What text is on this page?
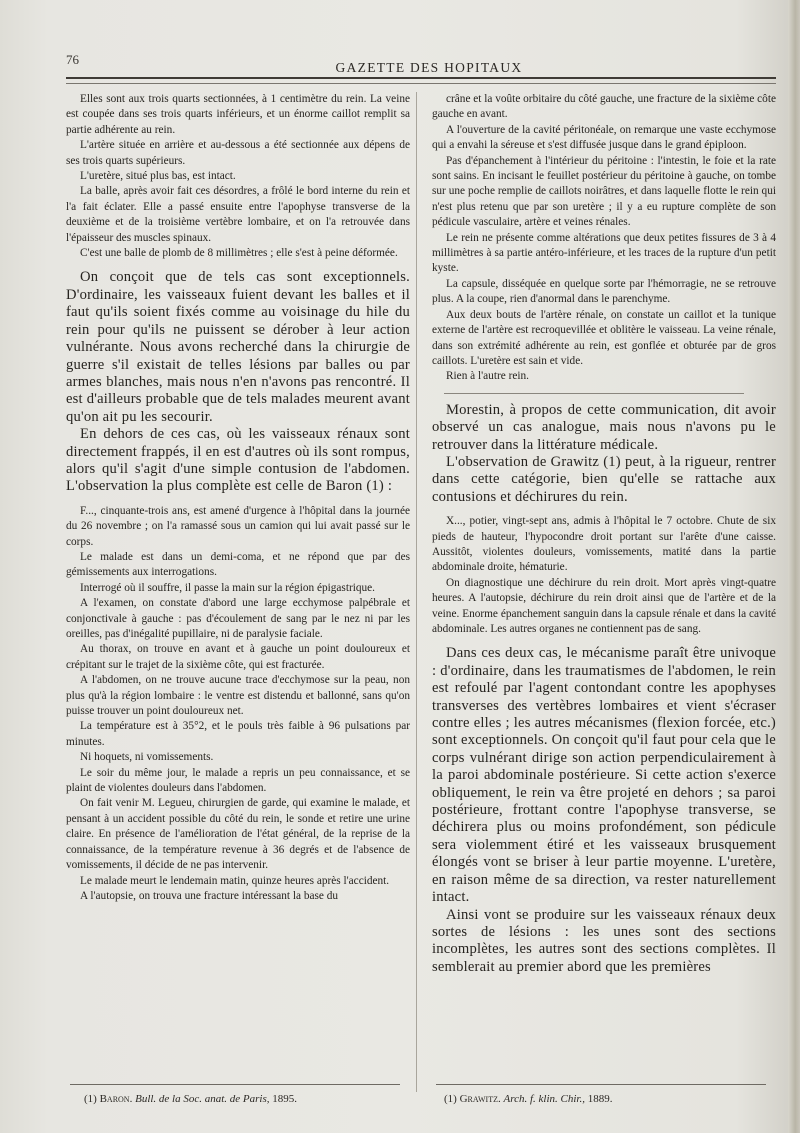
76
GAZETTE DES HOPITAUX

Elles sont aux trois quarts sectionnées, à 1 centimètre du rein. La veine est coupée dans ses trois quarts inférieurs, et un énorme caillot remplit sa partie adhérente au rein.

L'artère située en arrière et au-dessous a été sectionnée aux dépens de ses trois quarts supérieurs.

L'uretère, situé plus bas, est intact.

La balle, après avoir fait ces désordres, a frôlé le bord interne du rein et l'a fait éclater. Elle a passé ensuite entre l'apophyse transverse de la deuxième et de la troisième vertèbre lombaire, et on l'a retrouvée dans l'épaisseur des muscles spinaux.

C'est une balle de plomb de 8 millimètres ; elle s'est à peine déformée.

On conçoit que de tels cas sont exceptionnels. D'ordinaire, les vaisseaux fuient devant les balles et il faut qu'ils soient fixés comme au voisinage du hile du rein pour qu'ils ne puissent se dérober à leur action vulnérante. Nous avons recherché dans la chirurgie de guerre s'il existait de telles lésions par balles ou par armes blanches, mais nous n'en n'avons pas rencontré. Il est d'ailleurs probable que de tels malades meurent avant qu'on ait pu les secourir.

En dehors de ces cas, où les vaisseaux rénaux sont directement frappés, il en est d'autres où ils sont rompus, alors qu'il s'agit d'une simple contusion de l'abdomen. L'observation la plus complète est celle de Baron (1) :

F..., cinquante-trois ans, est amené d'urgence à l'hôpital dans la journée du 26 novembre ; on l'a ramassé sous un camion qui lui avait passé sur le corps.

Le malade est dans un demi-coma, et ne répond que par des gémissements aux interrogations.

Interrogé où il souffre, il passe la main sur la région épigastrique.

A l'examen, on constate d'abord une large ecchymose palpébrale et conjonctivale à gauche : pas d'écoulement de sang par le nez ni par les oreilles, pas d'inégalité pupillaire, ni de paralysie faciale.

Au thorax, on trouve en avant et à gauche un point douloureux et crépitant sur le trajet de la sixième côte, qui est fracturée.

A l'abdomen, on ne trouve aucune trace d'ecchymose sur la peau, non plus qu'à la région lombaire : le ventre est distendu et ballonné, sans qu'on puisse trouver un point douloureux net.

La température est à 35°2, et le pouls très faible à 96 pulsations par minutes.

Ni hoquets, ni vomissements.

Le soir du même jour, le malade a repris un peu connaissance, et se plaint de violentes douleurs dans l'abdomen.

On fait venir M. Legueu, chirurgien de garde, qui examine le malade, et pensant à un accident possible du côté du rein, le sonde et retire une urine claire. En présence de l'amélioration de l'état général, de la reprise de la connaissance, de la température revenue à 36 degrés et de l'absence de vomissements, il décide de ne pas intervenir.

Le malade meurt le lendemain matin, quinze heures après l'accident.

A l'autopsie, on trouva une fracture intéressant la base du

crâne et la voûte orbitaire du côté gauche, une fracture de la sixième côte gauche en avant.

A l'ouverture de la cavité péritonéale, on remarque une vaste ecchymose qui a envahi la séreuse et s'est diffusée jusque dans le grand épiploon.

Pas d'épanchement à l'intérieur du péritoine : l'intestin, le foie et la rate sont sains. En incisant le feuillet postérieur du péritoine à gauche, on tombe sur une poche remplie de caillots noirâtres, et dans laquelle flotte le rein qui n'est plus retenu que par son uretère ; il y a eu rupture complète de son pédicule vasculaire, artère et veines rénales.

Le rein ne présente comme altérations que deux petites fissures de 3 à 4 millimètres à sa partie antéro-inférieure, et les traces de la rupture d'un petit kyste.

La capsule, disséquée en quelque sorte par l'hémorragie, ne se retrouve plus. A la coupe, rien d'anormal dans le parenchyme.

Aux deux bouts de l'artère rénale, on constate un caillot et la tunique externe de l'artère est recroquevillée et oblitère le vaisseau. La veine rénale, dans son extrémité adhérente au rein, est gonflée et obturée par de gros caillots. L'uretère est sain et vide.

Rien à l'autre rein.

Morestin, à propos de cette communication, dit avoir observé un cas analogue, mais nous n'avons pu le retrouver dans la littérature médicale.

L'observation de Grawitz (1) peut, à la rigueur, rentrer dans cette catégorie, bien qu'elle se rattache aux contusions et déchirures du rein.

X..., potier, vingt-sept ans, admis à l'hôpital le 7 octobre. Chute de six pieds de hauteur, l'hypocondre droit portant sur l'arête d'une caisse. Aussitôt, violentes douleurs, vomissements, matité dans la partie abdominale droite, hématurie.

On diagnostique une déchirure du rein droit. Mort après vingt-quatre heures. A l'autopsie, déchirure du rein droit ainsi que de l'artère et de la veine. Enorme épanchement sanguin dans la capsule rénale et dans la cavité abdominale. Les autres organes ne contiennent pas de sang.

Dans ces deux cas, le mécanisme paraît être univoque : d'ordinaire, dans les traumatismes de l'abdomen, le rein est refoulé par l'agent contondant contre les apophyses transverses des vertèbres lombaires et vient s'écraser contre elles ; les autres mécanismes (flexion forcée, etc.) sont exceptionnels. On conçoit qu'il faut pour cela que le corps vulnérant dirige son action perpendiculairement à la paroi abdominale postérieure. Si cette action s'exerce obliquement, le rein va être projeté en dehors ; sa paroi postérieure, frottant contre l'apophyse transverse, se déchirera plus ou moins profondément, son pédicule sera violemment étiré et les vaisseaux brusquement élongés vont se briser à leur partie moyenne. L'uretère, en raison même de sa direction, va rester naturellement intact.

Ainsi vont se produire sur les vaisseaux rénaux deux sortes de lésions : les unes sont des sections incomplètes, les autres sont des sections complètes. Il semblerait au premier abord que les premières

(1) Baron. Bull. de la Soc. anat. de Paris, 1895.	(1) Grawitz. Arch. f. klin. Chir., 1889.
